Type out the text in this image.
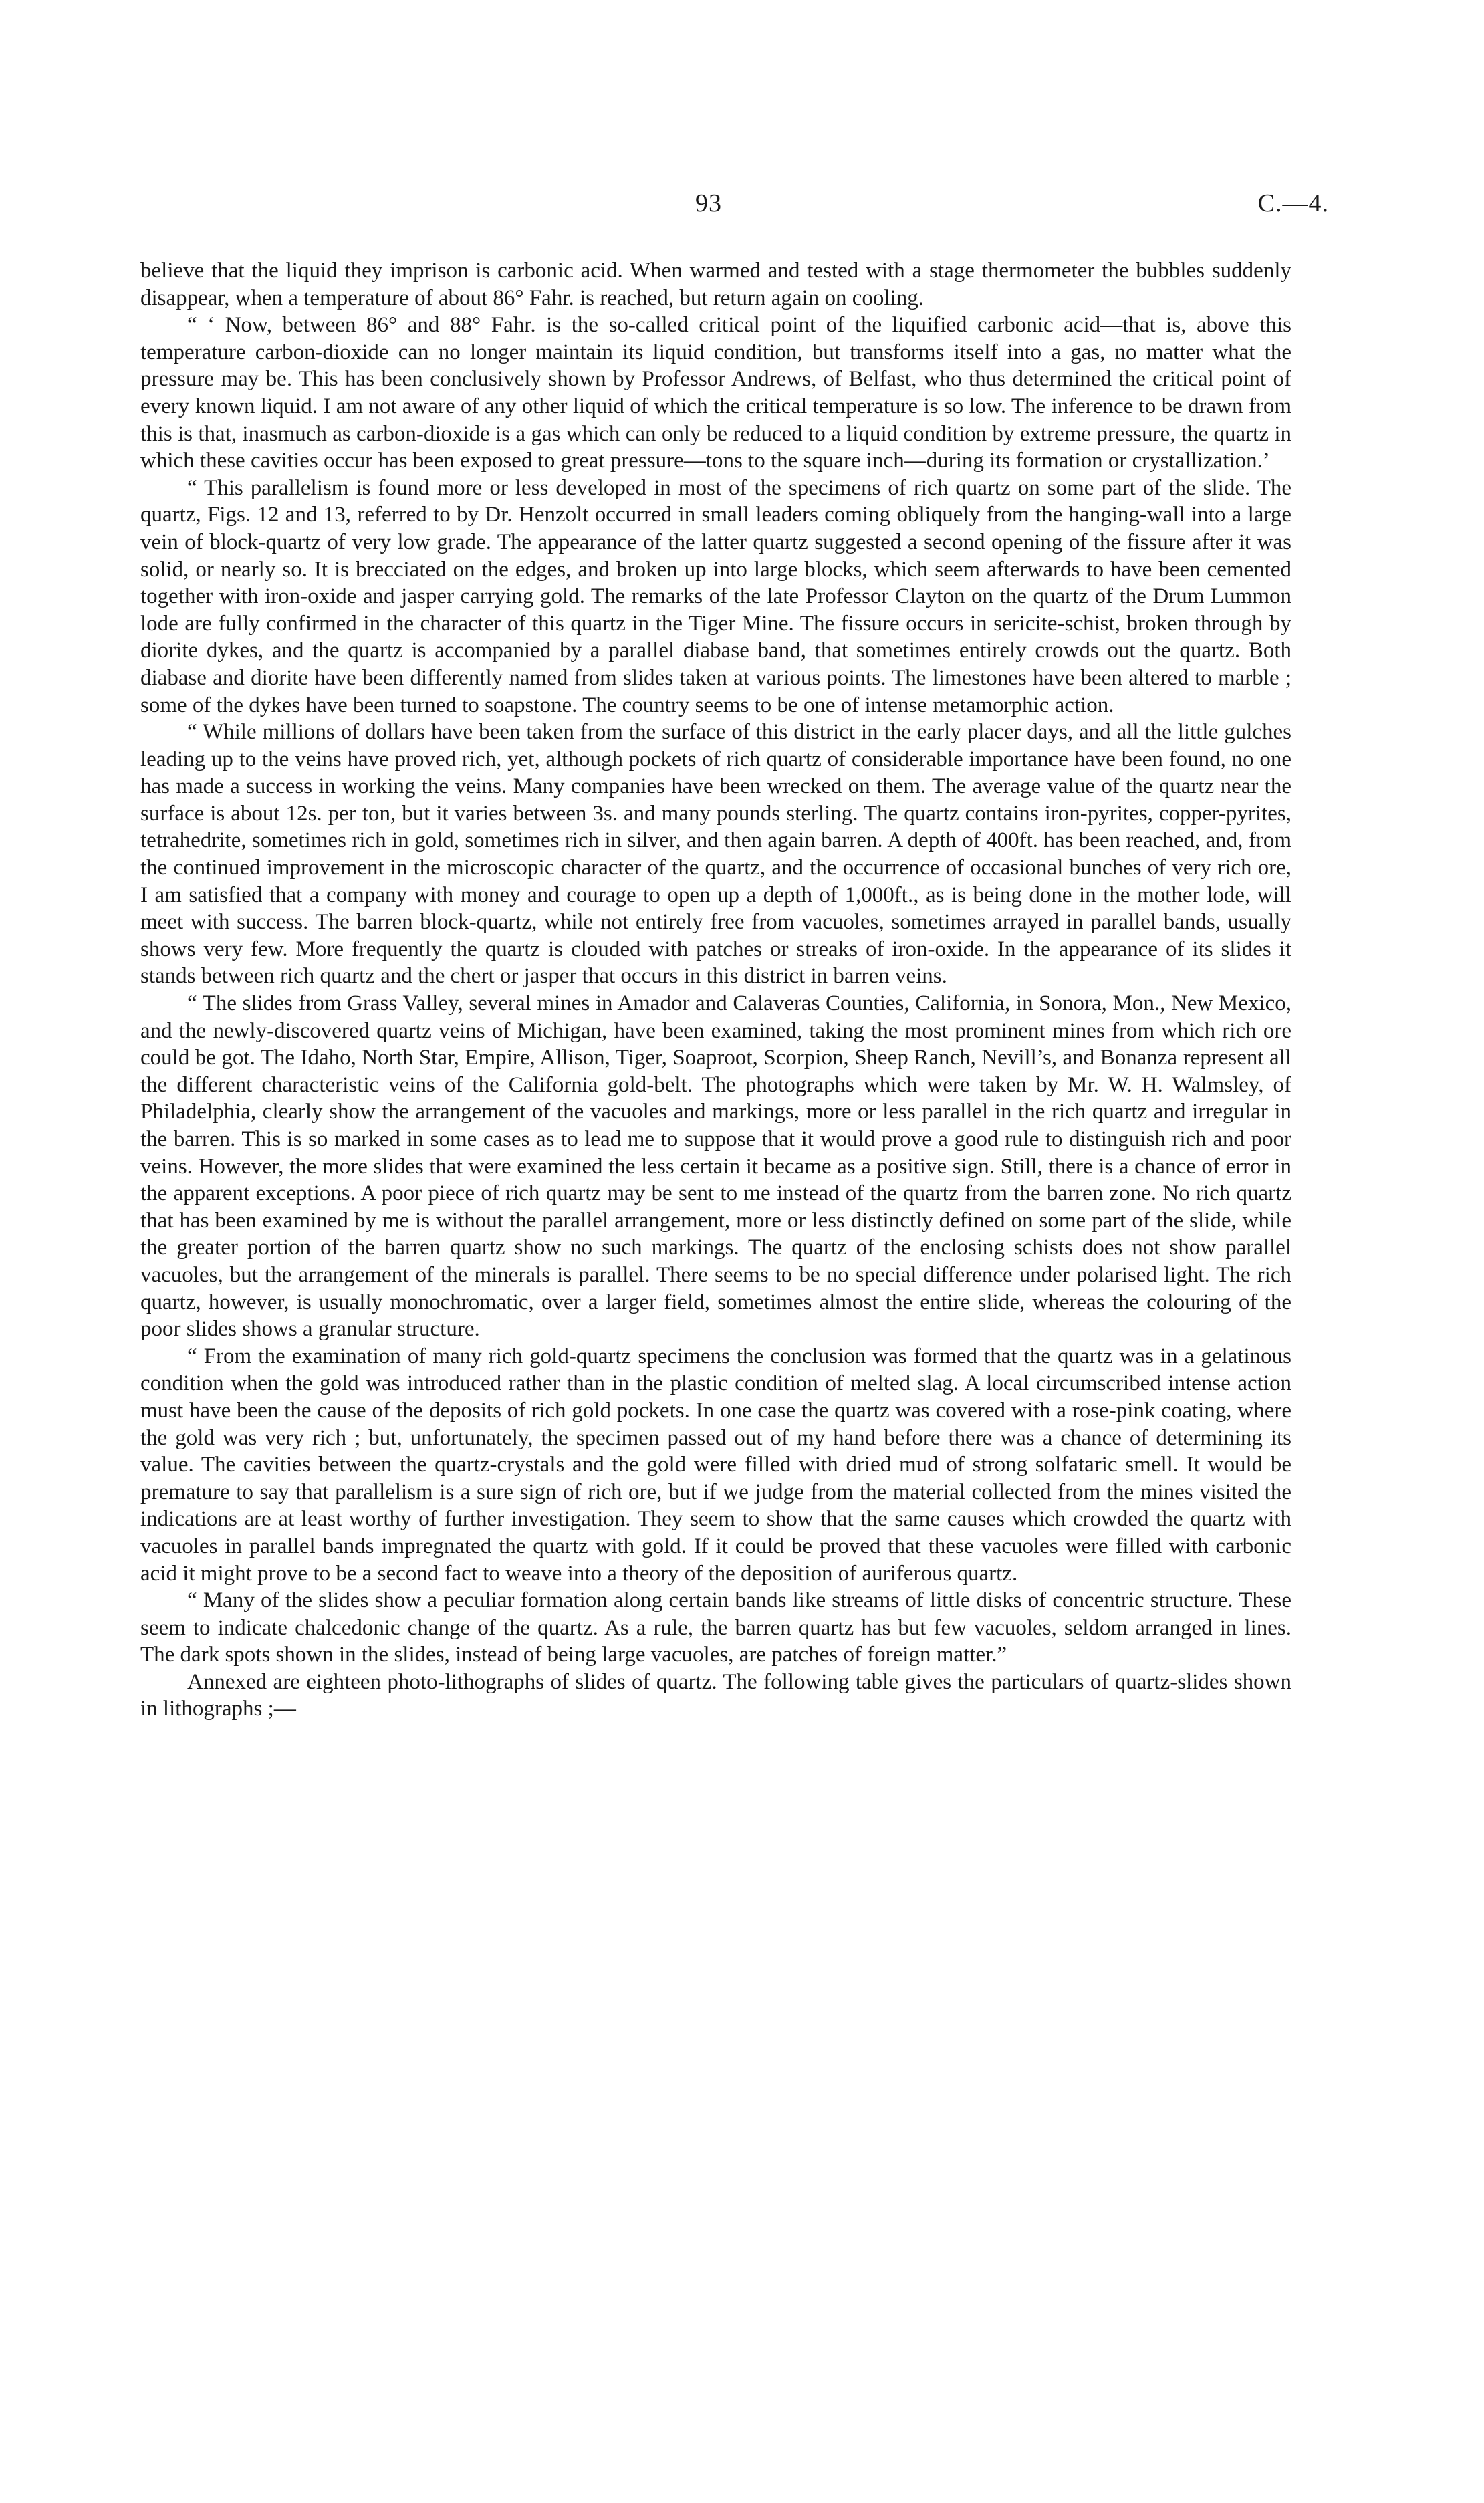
93	C.—4.

believe that the liquid they imprison is carbonic acid. When warmed and tested with a stage thermometer the bubbles suddenly disappear, when a temperature of about 86° Fahr. is reached, but return again on cooling.

“ ‘ Now, between 86° and 88° Fahr. is the so-called critical point of the liquified carbonic acid—that is, above this temperature carbon-dioxide can no longer maintain its liquid condition, but transforms itself into a gas, no matter what the pressure may be. This has been conclusively shown by Professor Andrews, of Belfast, who thus determined the critical point of every known liquid. I am not aware of any other liquid of which the critical temperature is so low. The inference to be drawn from this is that, inasmuch as carbon-dioxide is a gas which can only be reduced to a liquid condition by extreme pressure, the quartz in which these cavities occur has been exposed to great pressure—tons to the square inch—during its formation or crystallization.’

“ This parallelism is found more or less developed in most of the specimens of rich quartz on some part of the slide. The quartz, Figs. 12 and 13, referred to by Dr. Henzolt occurred in small leaders coming obliquely from the hanging-wall into a large vein of block-quartz of very low grade. The appearance of the latter quartz suggested a second opening of the fissure after it was solid, or nearly so. It is brecciated on the edges, and broken up into large blocks, which seem afterwards to have been cemented together with iron-oxide and jasper carrying gold. The remarks of the late Professor Clayton on the quartz of the Drum Lummon lode are fully confirmed in the character of this quartz in the Tiger Mine. The fissure occurs in sericite-schist, broken through by diorite dykes, and the quartz is accompanied by a parallel diabase band, that sometimes entirely crowds out the quartz. Both diabase and diorite have been differently named from slides taken at various points. The limestones have been altered to marble ; some of the dykes have been turned to soapstone. The country seems to be one of intense metamorphic action.

“ While millions of dollars have been taken from the surface of this district in the early placer days, and all the little gulches leading up to the veins have proved rich, yet, although pockets of rich quartz of considerable importance have been found, no one has made a success in working the veins. Many companies have been wrecked on them. The average value of the quartz near the surface is about 12s. per ton, but it varies between 3s. and many pounds sterling. The quartz contains iron-pyrites, copper-pyrites, tetrahedrite, sometimes rich in gold, sometimes rich in silver, and then again barren. A depth of 400ft. has been reached, and, from the continued improvement in the microscopic character of the quartz, and the occurrence of occasional bunches of very rich ore, I am satisfied that a company with money and courage to open up a depth of 1,000ft., as is being done in the mother lode, will meet with success. The barren block-quartz, while not entirely free from vacuoles, sometimes arrayed in parallel bands, usually shows very few. More frequently the quartz is clouded with patches or streaks of iron-oxide. In the appearance of its slides it stands between rich quartz and the chert or jasper that occurs in this district in barren veins.

“ The slides from Grass Valley, several mines in Amador and Calaveras Counties, California, in Sonora, Mon., New Mexico, and the newly-discovered quartz veins of Michigan, have been examined, taking the most prominent mines from which rich ore could be got. The Idaho, North Star, Empire, Allison, Tiger, Soaproot, Scorpion, Sheep Ranch, Nevill’s, and Bonanza represent all the different characteristic veins of the California gold-belt. The photographs which were taken by Mr. W. H. Walmsley, of Philadelphia, clearly show the arrangement of the vacuoles and markings, more or less parallel in the rich quartz and irregular in the barren. This is so marked in some cases as to lead me to suppose that it would prove a good rule to distinguish rich and poor veins. However, the more slides that were examined the less certain it became as a positive sign. Still, there is a chance of error in the apparent exceptions. A poor piece of rich quartz may be sent to me instead of the quartz from the barren zone. No rich quartz that has been examined by me is without the parallel arrangement, more or less distinctly defined on some part of the slide, while the greater portion of the barren quartz show no such markings. The quartz of the enclosing schists does not show parallel vacuoles, but the arrangement of the minerals is parallel. There seems to be no special difference under polarised light. The rich quartz, however, is usually monochromatic, over a larger field, sometimes almost the entire slide, whereas the colouring of the poor slides shows a granular structure.

“ From the examination of many rich gold-quartz specimens the conclusion was formed that the quartz was in a gelatinous condition when the gold was introduced rather than in the plastic condition of melted slag. A local circumscribed intense action must have been the cause of the deposits of rich gold pockets. In one case the quartz was covered with a rose-pink coating, where the gold was very rich ; but, unfortunately, the specimen passed out of my hand before there was a chance of determining its value. The cavities between the quartz-crystals and the gold were filled with dried mud of strong solfataric smell. It would be premature to say that parallelism is a sure sign of rich ore, but if we judge from the material collected from the mines visited the indications are at least worthy of further investigation. They seem to show that the same causes which crowded the quartz with vacuoles in parallel bands impregnated the quartz with gold. If it could be proved that these vacuoles were filled with carbonic acid it might prove to be a second fact to weave into a theory of the deposition of auriferous quartz.

“ Many of the slides show a peculiar formation along certain bands like streams of little disks of concentric structure. These seem to indicate chalcedonic change of the quartz. As a rule, the barren quartz has but few vacuoles, seldom arranged in lines. The dark spots shown in the slides, instead of being large vacuoles, are patches of foreign matter.”

Annexed are eighteen photo-lithographs of slides of quartz. The following table gives the particulars of quartz-slides shown in lithographs ;—
